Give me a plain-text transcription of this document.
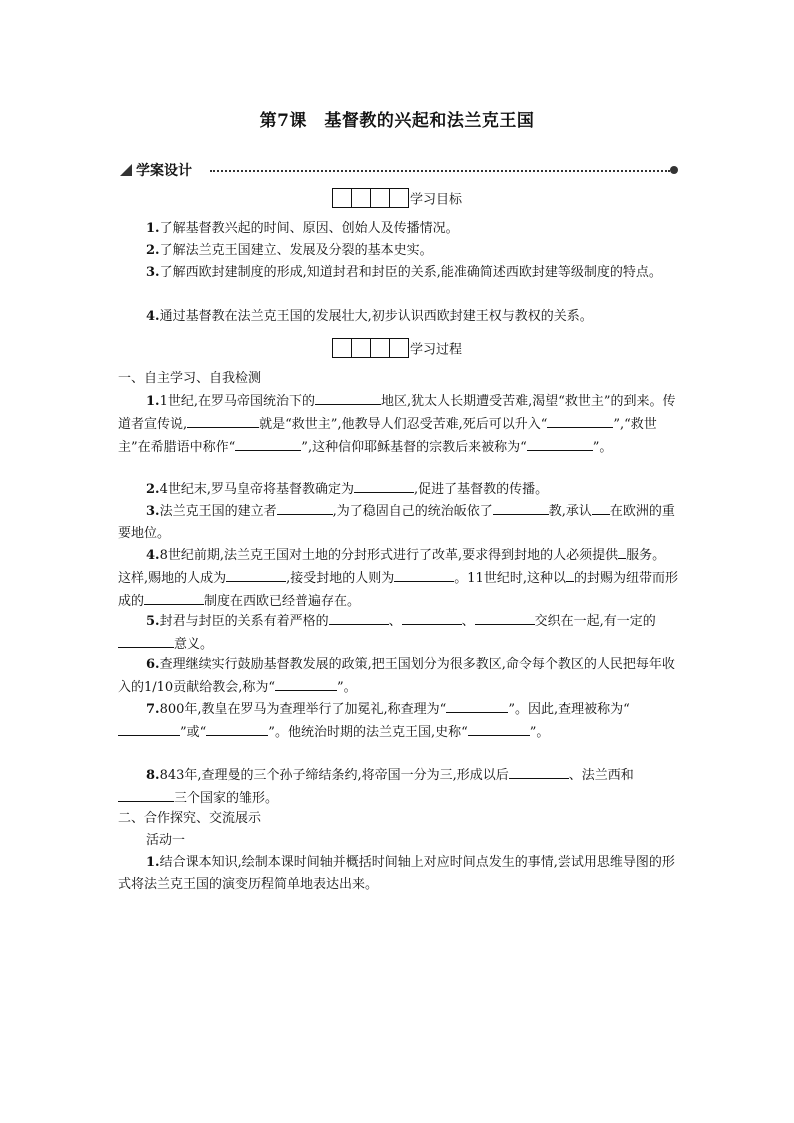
第7课　基督教的兴起和法兰克王国
学案设计
学习目标
1.了解基督教兴起的时间、原因、创始人及传播情况。
2.了解法兰克王国建立、发展及分裂的基本史实。
3.了解西欧封建制度的形成,知道封君和封臣的关系,能准确简述西欧封建等级制度的特点。
4.通过基督教在法兰克王国的发展壮大,初步认识西欧封建王权与教权的关系。
学习过程
一、自主学习、自我检测
1.1世纪,在罗马帝国统治下的	地区,犹太人长期遭受苦难,渴望“救世主”的到来。传道者宣传说,	就是“救世主”,他教导人们忍受苦难,死后可以升入“	”,“救世主”在希腊语中称作“	”,这种信仰耶稣基督的宗教后来被称为“	”。
2.4世纪末,罗马皇帝将基督教确定为	,促进了基督教的传播。
3.法兰克王国的建立者	,为了稳固自己的统治皈依了	教,承认 在欧洲的重要地位。
4.8世纪前期,法兰克王国对土地的分封形式进行了改革,要求得到封地的人必须提供 服务。这样,赐地的人成为	,接受封地的人则为	。11世纪时,这种以 的封赐为纽带而形成的	制度在西欧已经普遍存在。
5.封君与封臣的关系有着严格的	、	、	交织在一起,有一定的意义。
6.查理继续实行鼓励基督教发展的政策,把王国划分为很多教区,命令每个教区的人民把每年收入的1/10贡献给教会,称为“	”。
7.800年,教皇在罗马为查理举行了加冕礼,称查理为“	”。因此,查理被称为“”或“	”。他统治时期的法兰克王国,史称“	”。
8.843年,查理曼的三个孙子缔结条约,将帝国一分为三,形成以后	、法兰西和三个国家的雏形。
二、合作探究、交流展示
活动一
1.结合课本知识,绘制本课时间轴并概括时间轴上对应时间点发生的事情,尝试用思维导图的形式将法兰克王国的演变历程简单地表达出来。
